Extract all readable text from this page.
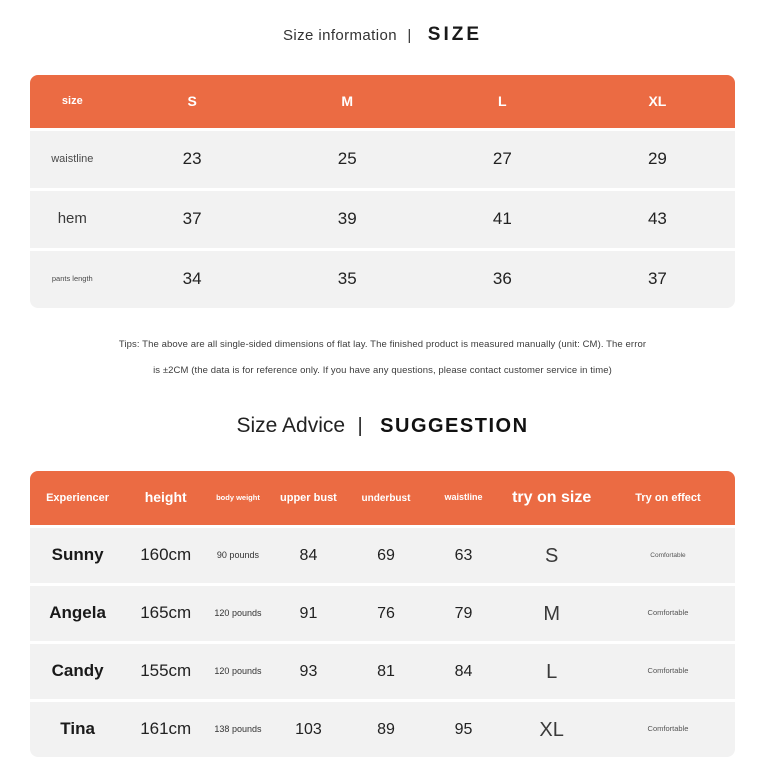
Size information | SIZE
size	S	M	L	XL
waistline	23	25	27	29
hem	37	39	41	43
pants length	34	35	36	37

Tips: The above are all single-sided dimensions of flat lay. The finished product is measured manually (unit: CM). The error

is ±2CM (the data is for reference only. If you have any questions, please contact customer service in time)

Size Advice | SUGGESTION
Experiencer	height	body weight	upper bust	underbust	waistline	try on size	Try on effect
Sunny	160cm	90 pounds	84	69	63	S	Comfortable
Angela	165cm	120 pounds	91	76	79	M	Comfortable
Candy	155cm	120 pounds	93	81	84	L	Comfortable
Tina	161cm	138 pounds	103	89	95	XL	Comfortable
